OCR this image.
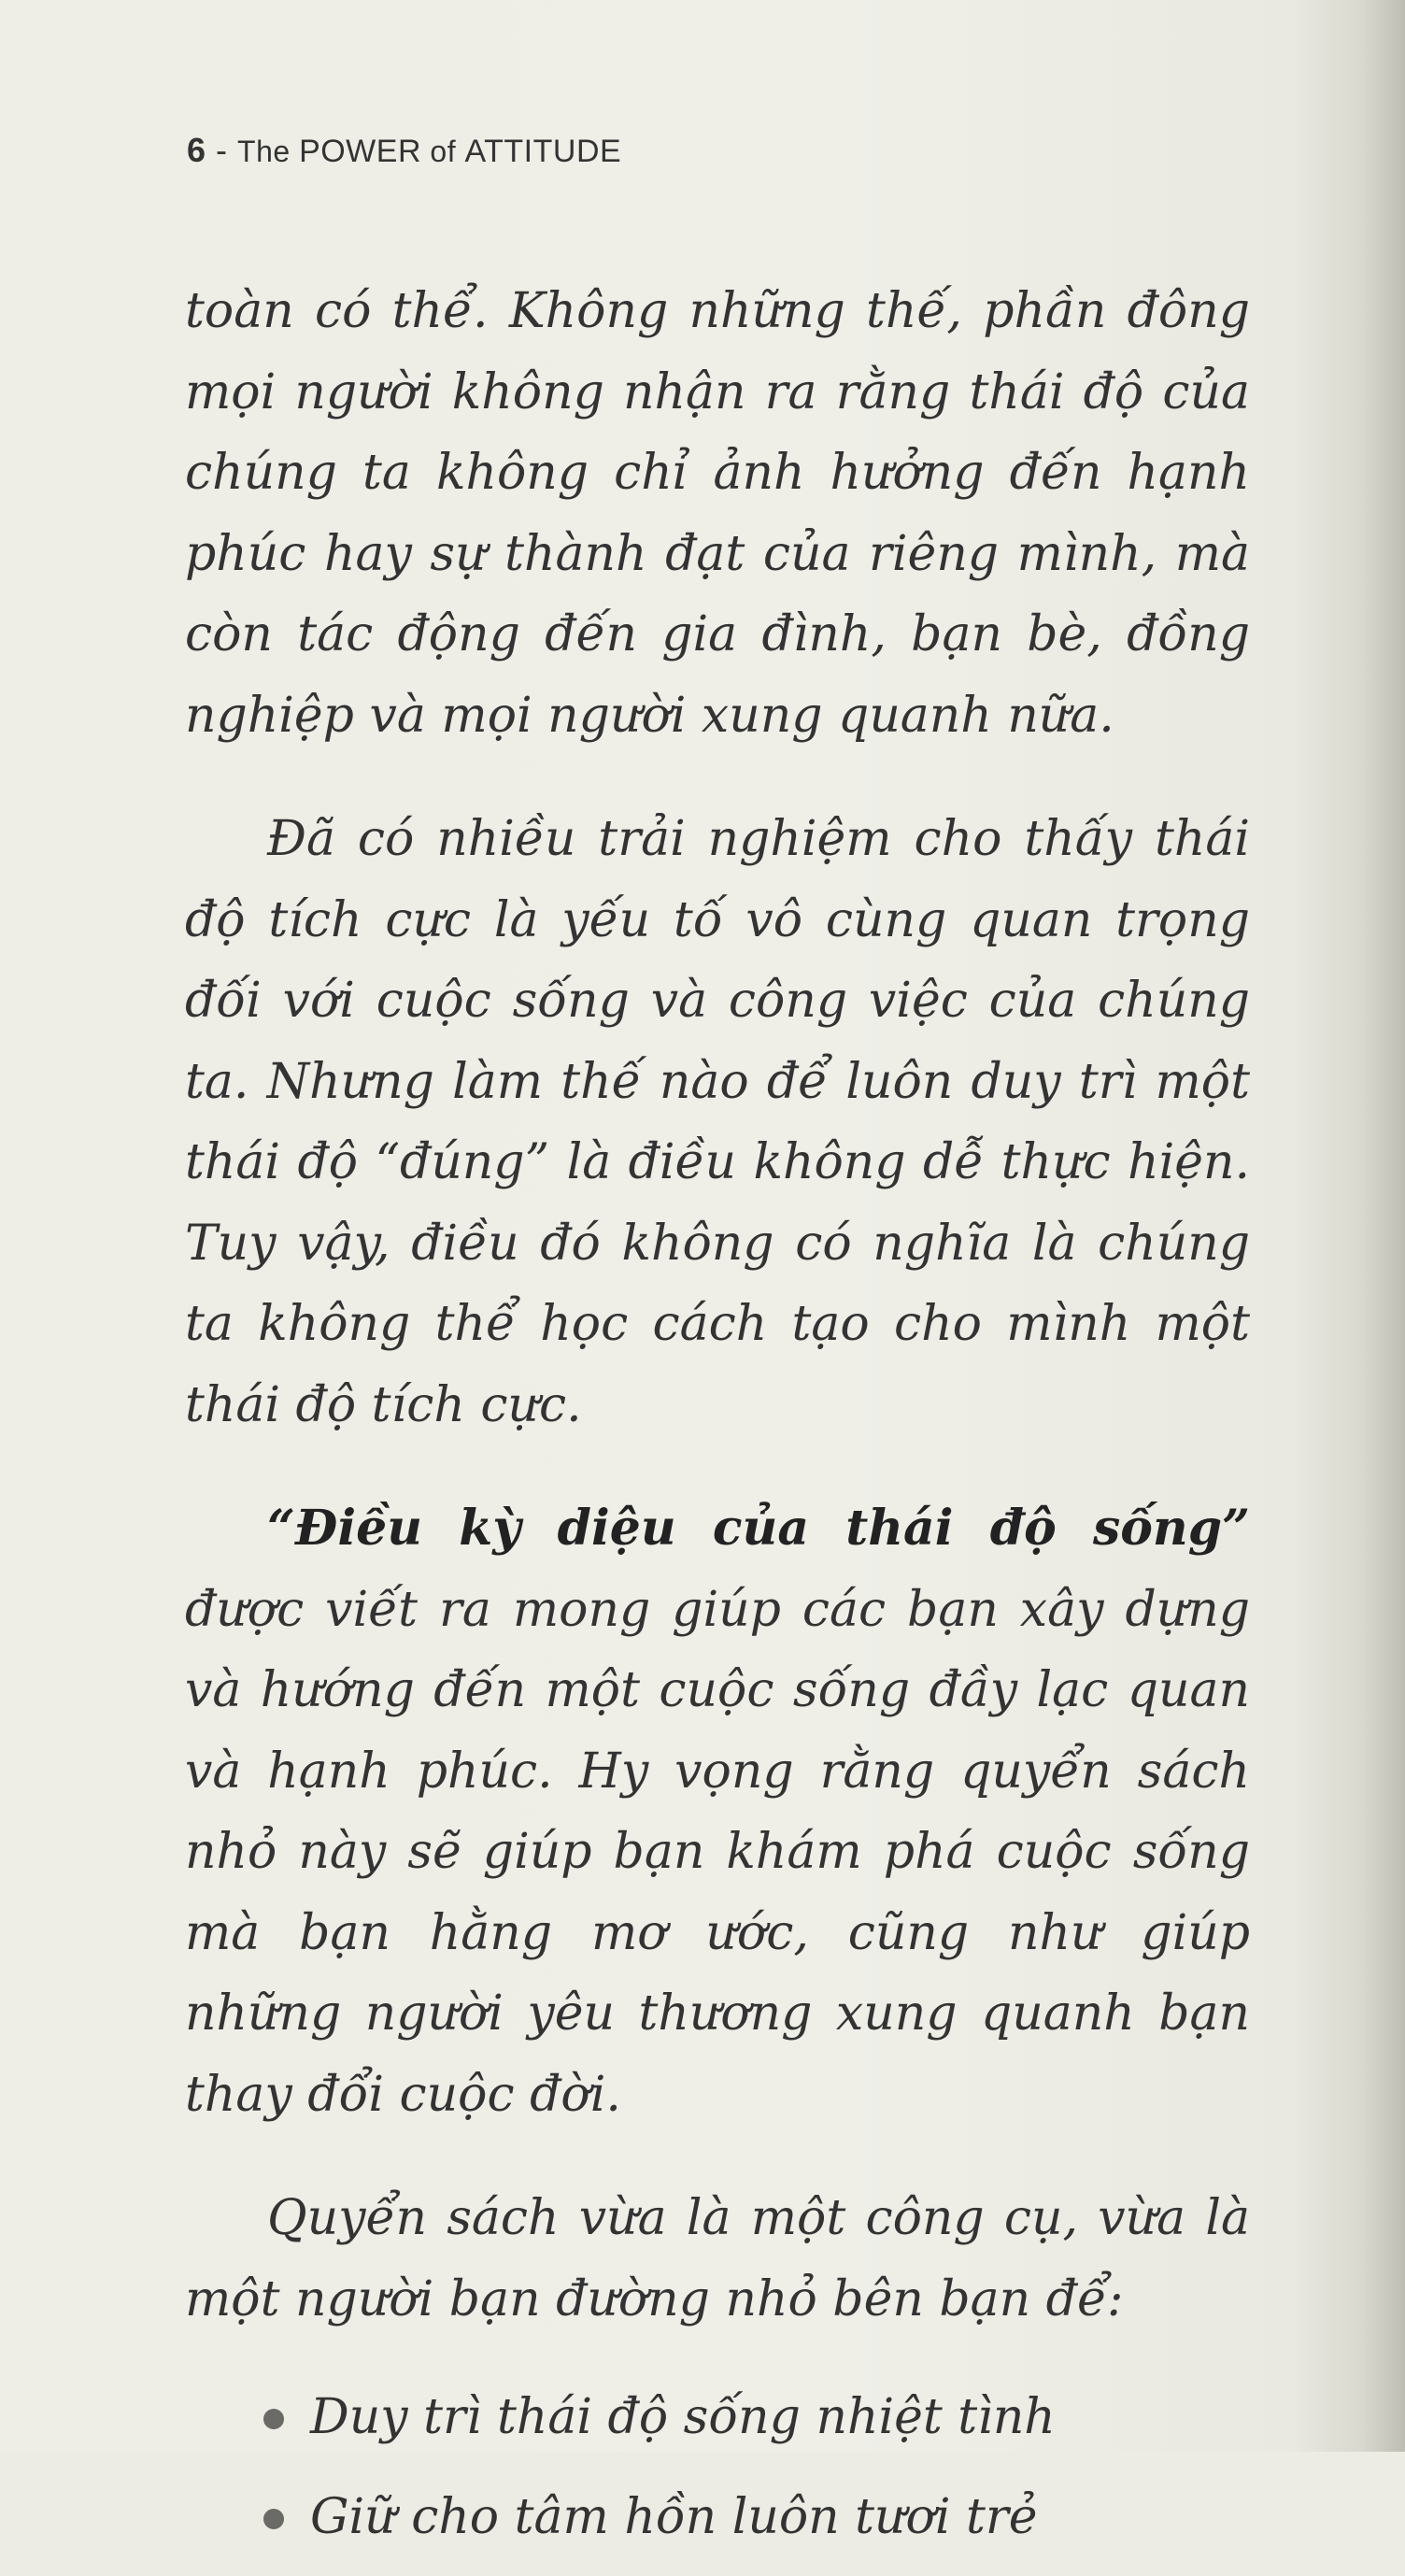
6 - The POWER of ATTITUDE

toàn có thể. Không những thế, phần đông mọi người không nhận ra rằng thái độ của chúng ta không chỉ ảnh hưởng đến hạnh phúc hay sự thành đạt của riêng mình, mà còn tác động đến gia đình, bạn bè, đồng nghiệp và mọi người xung quanh nữa.

Đã có nhiều trải nghiệm cho thấy thái độ tích cực là yếu tố vô cùng quan trọng đối với cuộc sống và công việc của chúng ta. Nhưng làm thế nào để luôn duy trì một thái độ “đúng” là điều không dễ thực hiện. Tuy vậy, điều đó không có nghĩa là chúng ta không thể học cách tạo cho mình một thái độ tích cực.

“Điều kỳ diệu của thái độ sống” được viết ra mong giúp các bạn xây dựng và hướng đến một cuộc sống đầy lạc quan và hạnh phúc. Hy vọng rằng quyển sách nhỏ này sẽ giúp bạn khám phá cuộc sống mà bạn hằng mơ ước, cũng như giúp những người yêu thương xung quanh bạn thay đổi cuộc đời.

Quyển sách vừa là một công cụ, vừa là một người bạn đường nhỏ bên bạn để:

Duy trì thái độ sống nhiệt tình
Giữ cho tâm hồn luôn tươi trẻ
